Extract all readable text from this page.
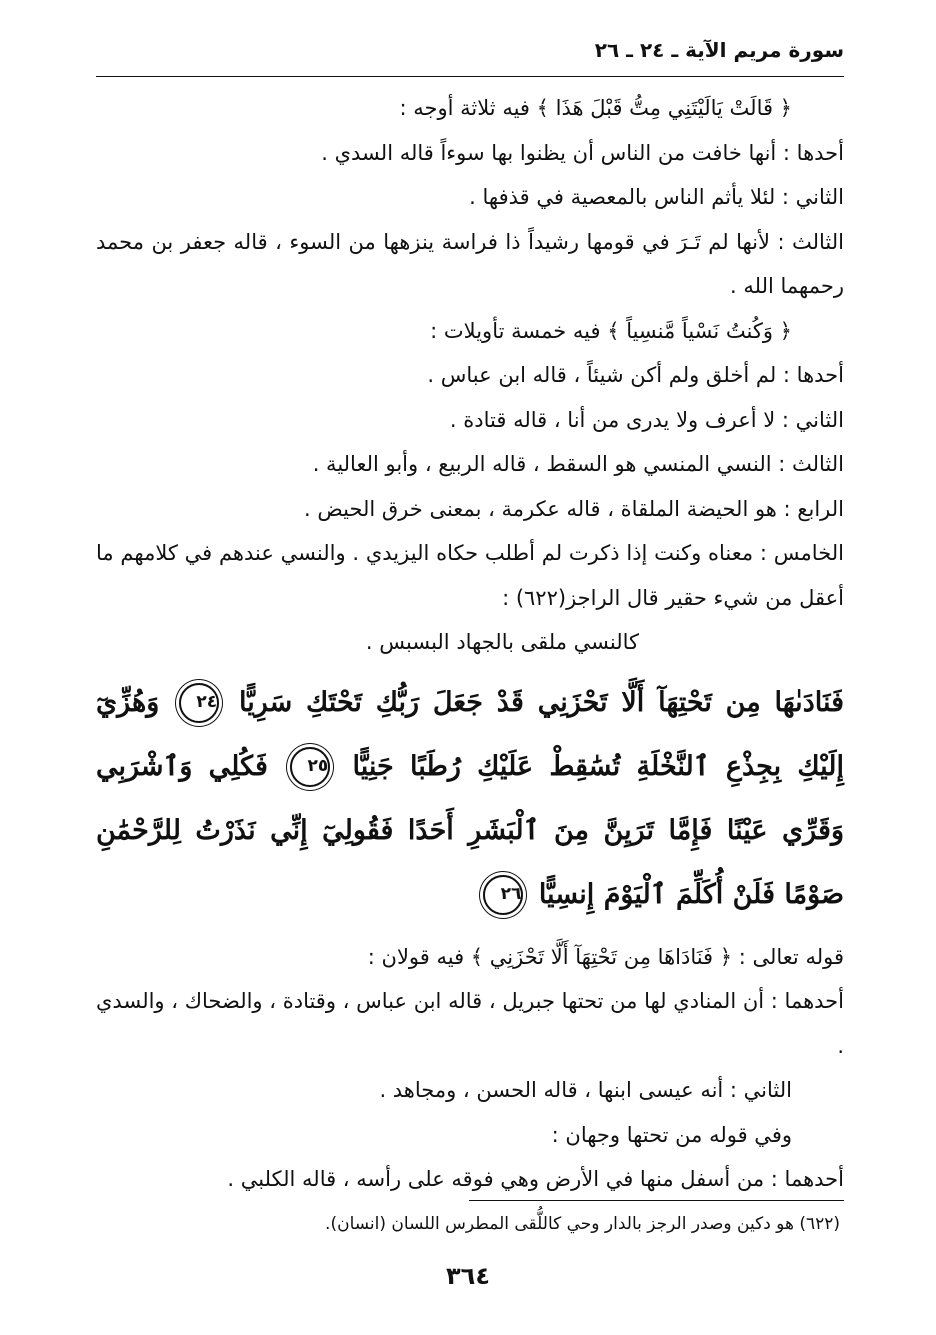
سورة مريم الآية ـ ٢٤ ـ ٢٦

﴿ قَالَتْ يَالَيْتَنِي مِتُّ قَبْلَ هَذَا ﴾ فيه ثلاثة أوجه :

أحدها : أنها خافت من الناس أن يظنوا بها سوءاً قاله السدي .

الثاني : لئلا يأثم الناس بالمعصية في قذفها .

الثالث : لأنها لم تَـرَ في قومها رشيداً ذا فراسة ينزهها من السوء ، قاله جعفر بن محمد رحمهما الله .

﴿ وَكُنتُ نَسْياً مَّنسِياً ﴾ فيه خمسة تأويلات :

أحدها : لم أخلق ولم أكن شيئاً ، قاله ابن عباس .

الثاني : لا أعرف ولا يدرى من أنا ، قاله قتادة .

الثالث : النسي المنسي هو السقط ، قاله الربيع ، وأبو العالية .

الرابع : هو الحيضة الملقاة ، قاله عكرمة ، بمعنى خرق الحيض .

الخامس : معناه وكنت إذا ذكرت لم أطلب حكاه اليزيدي . والنسي عندهم في كلامهم ما أعقل من شيء حقير قال الراجز(٦٢٢) :

كالنسي ملقى بالجهاد البسبس .

فَنَادَىٰهَا مِن تَحْتِهَآ أَلَّا تَحْزَنِي قَدْ جَعَلَ رَبُّكِ تَحْتَكِ سَرِيًّا ٢٤ وَهُزِّيٓ إِلَيْكِ بِجِذْعِ ٱلنَّخْلَةِ تُسَٰقِطْ عَلَيْكِ رُطَبًا جَنِيًّا ٢٥ فَكُلِي وَٱشْرَبِي وَقَرِّي عَيْنًا فَإِمَّا تَرَيِنَّ مِنَ ٱلْبَشَرِ أَحَدًا فَقُولِيٓ إِنِّي نَذَرْتُ لِلرَّحْمَٰنِ صَوْمًا فَلَنْ أُكَلِّمَ ٱلْيَوْمَ إِنسِيًّا ٢٦

قوله تعالى : ﴿ فَنَادَاهَا مِن تَحْتِهَآ أَلَّا تَحْزَنِي ﴾ فيه قولان :

أحدهما : أن المنادي لها من تحتها جبريل ، قاله ابن عباس ، وقتادة ، والضحاك ، والسدي .

الثاني : أنه عيسى ابنها ، قاله الحسن ، ومجاهد .

وفي قوله من تحتها وجهان :

أحدهما : من أسفل منها في الأرض وهي فوقه على رأسه ، قاله الكلبي .

(٦٢٢) هو دكين وصدر الرجز بالدار وحي كاللُّقى المطرس اللسان (انسان).
٣٦٤
